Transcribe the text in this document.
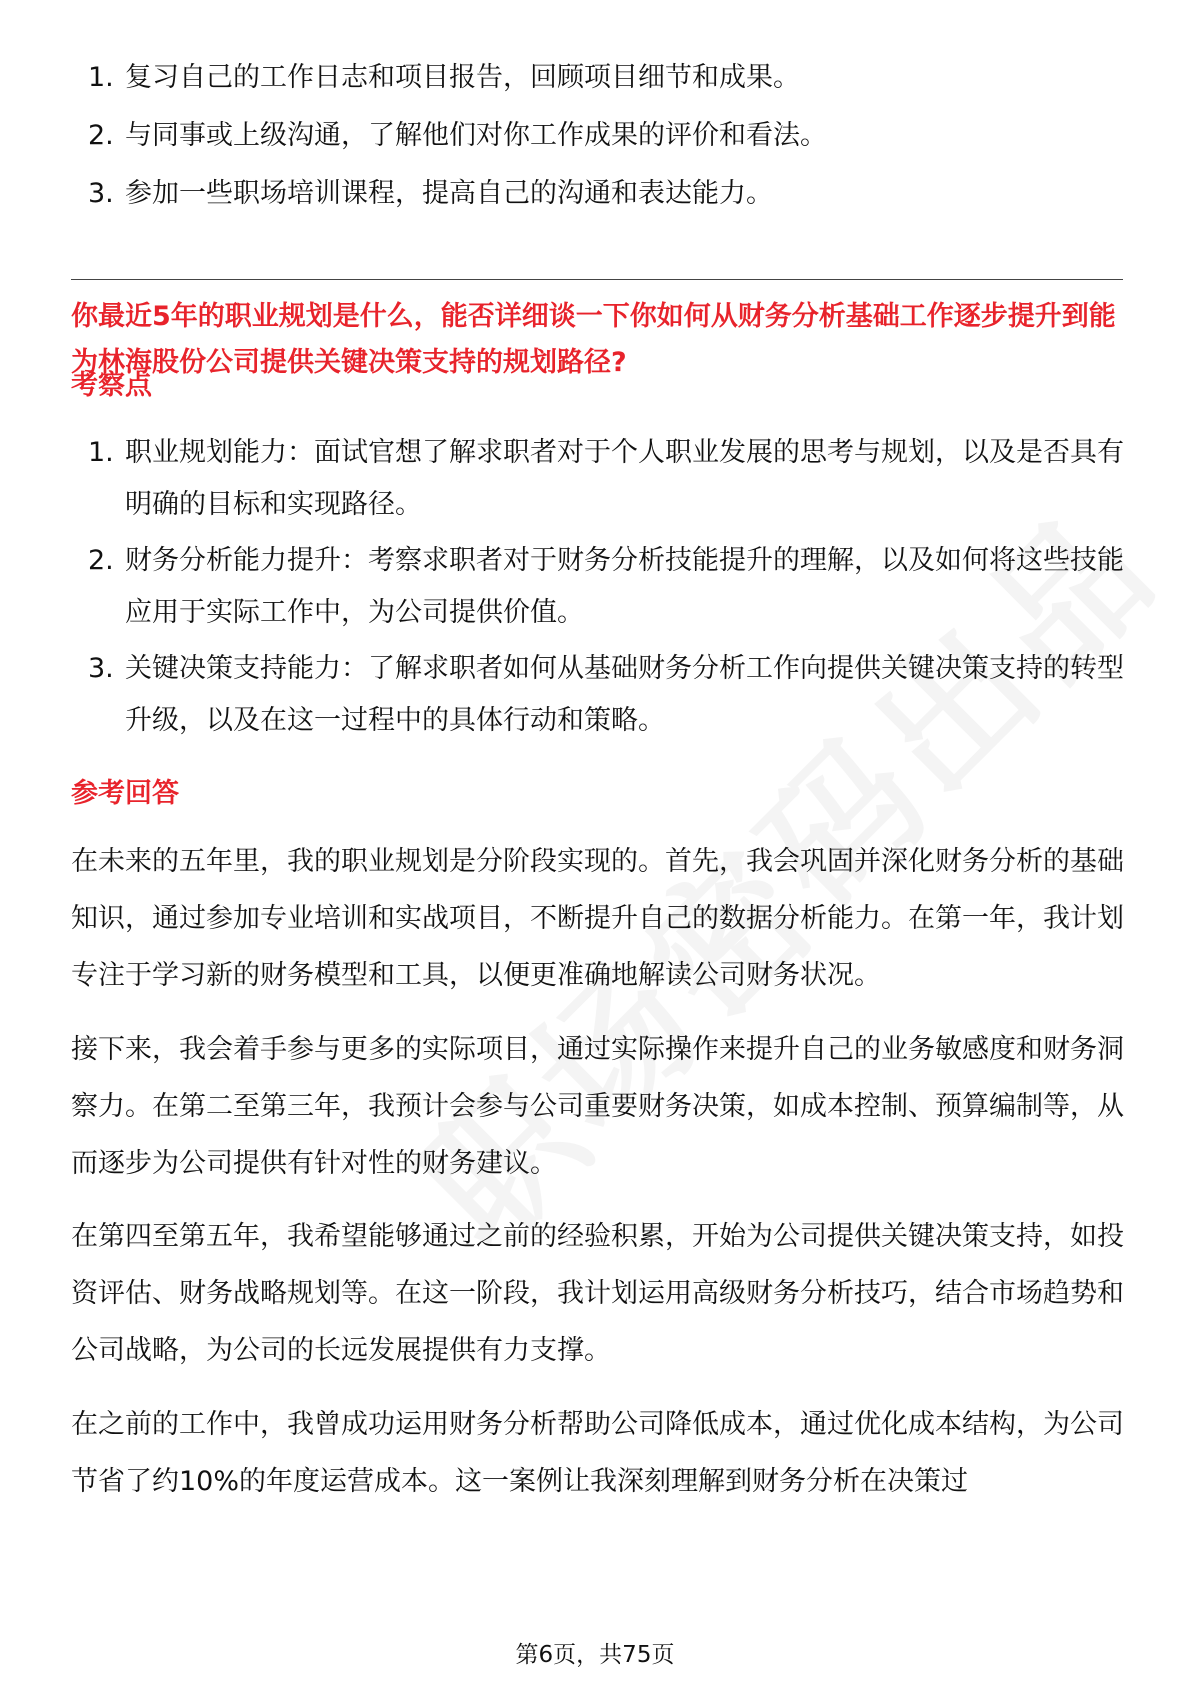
1. 复习自己的工作日志和项目报告，回顾项目细节和成果。
2. 与同事或上级沟通，了解他们对你工作成果的评价和看法。
3. 参加一些职场培训课程，提高自己的沟通和表达能力。
你最近5年的职业规划是什么，能否详细谈一下你如何从财务分析基础工作逐步提升到能为林海股份公司提供关键决策支持的规划路径?
考察点
1. 职业规划能力：面试官想了解求职者对于个人职业发展的思考与规划，以及是否具有明确的目标和实现路径。
2. 财务分析能力提升：考察求职者对于财务分析技能提升的理解，以及如何将这些技能应用于实际工作中，为公司提供价值。
3. 关键决策支持能力：了解求职者如何从基础财务分析工作向提供关键决策支持的转型升级，以及在这一过程中的具体行动和策略。
参考回答
在未来的五年里，我的职业规划是分阶段实现的。首先，我会巩固并深化财务分析的基础知识，通过参加专业培训和实战项目，不断提升自己的数据分析能力。在第一年，我计划专注于学习新的财务模型和工具，以便更准确地解读公司财务状况。
接下来，我会着手参与更多的实际项目，通过实际操作来提升自己的业务敏感度和财务洞察力。在第二至第三年，我预计会参与公司重要财务决策，如成本控制、预算编制等，从而逐步为公司提供有针对性的财务建议。
在第四至第五年，我希望能够通过之前的经验积累，开始为公司提供关键决策支持，如投资评估、财务战略规划等。在这一阶段，我计划运用高级财务分析技巧，结合市场趋势和公司战略，为公司的长远发展提供有力支撑。
在之前的工作中，我曾成功运用财务分析帮助公司降低成本，通过优化成本结构，为公司节省了约10%的年度运营成本。这一案例让我深刻理解到财务分析在决策过
第6页，共75页
